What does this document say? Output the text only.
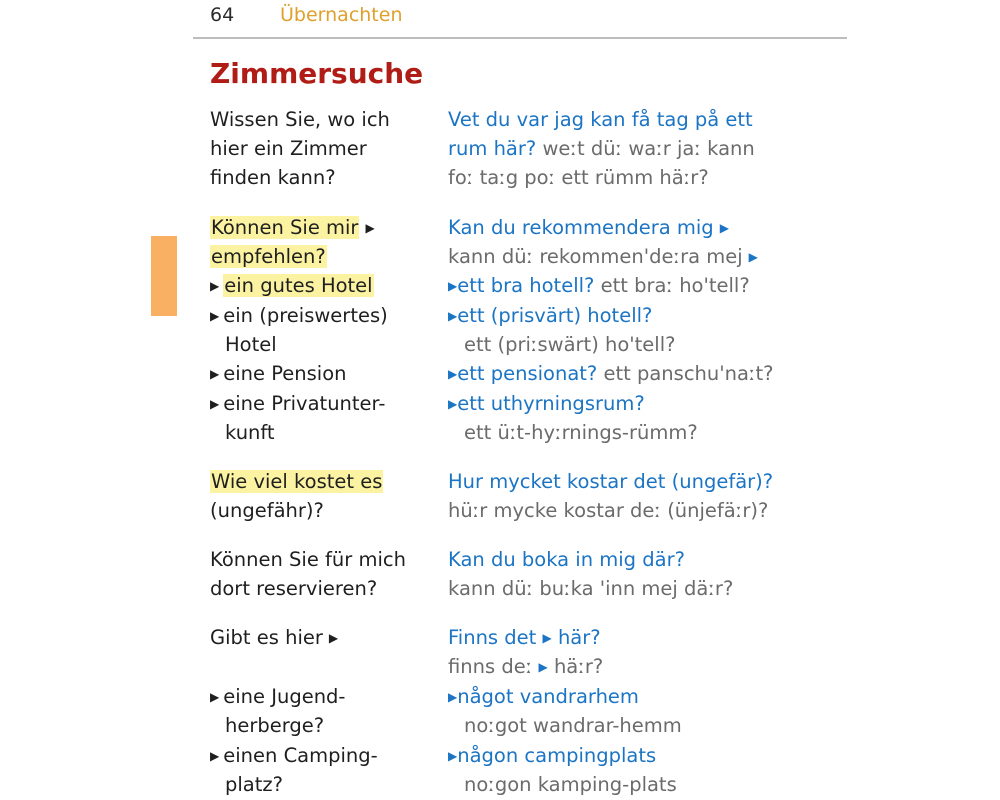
64 Übernachten
Zimmersuche
Wissen Sie, wo ich
hier ein Zimmer
finden kann?
Können Sie mir ▶
empfehlen?
▶ ein gutes Hotel
▶ ein (preiswertes)
Hotel
▶ eine Pension
▶ eine Privatunter-
kunft
Wie viel kostet es
(ungefähr)?
Können Sie für mich
dort reservieren?
Gibt es hier ▶
▶ eine Jugend-
herberge?
▶ einen Camping-
platz?
Vet du var jag kan få tag på ett
rum här? weːt düː waːr jaː kann
foː taːg poː ett rümm häːr?
Kan du rekommendera mig ▶
kann düː rekommen'deːra mej ▶
▶ett bra hotell? ett braː ho'tell?
▶ett (prisvärt) hotell?
ett (priːswärt) ho'tell?
▶ett pensionat? ett panschu'naːt?
▶ett uthyrningsrum?
ett üːt-hyːrnings-rümm?
Hur mycket kostar det (ungefär)?
hüːr mycke kostar deː (ünjefäːr)?
Kan du boka in mig där?
kann düː buːka 'inn mej däːr?
Finns det ▶ här?
finns deː ▶ häːr?
▶något vandrarhem
noːgot wandrar-hemm
▶någon campingplats
noːgon kamping-plats
